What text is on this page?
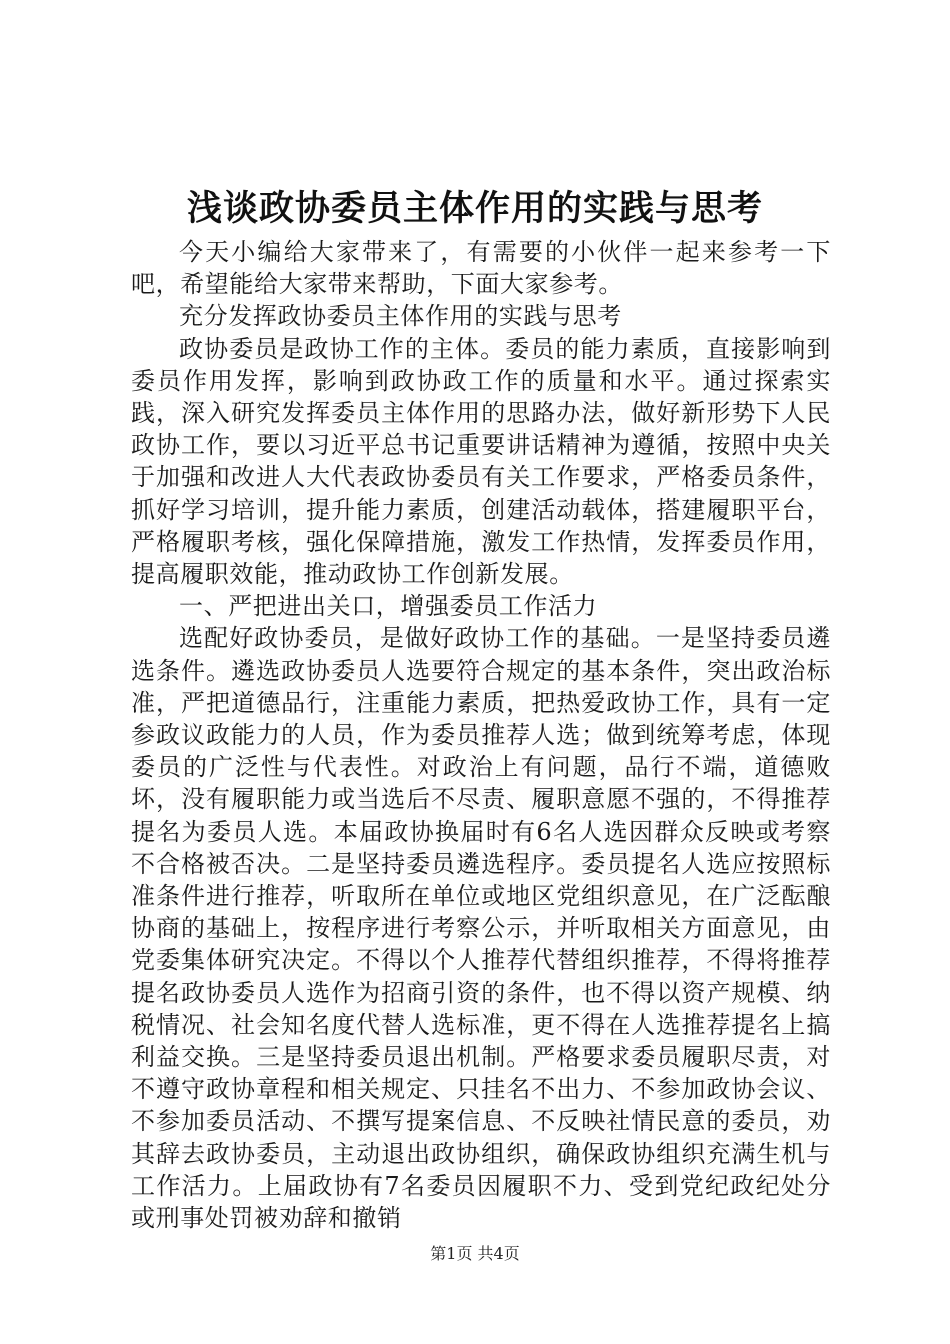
浅谈政协委员主体作用的实践与思考

今天小编给大家带来了，有需要的小伙伴一起来参考一下吧，希望能给大家带来帮助，下面大家参考。

充分发挥政协委员主体作用的实践与思考

政协委员是政协工作的主体。委员的能力素质，直接影响到委员作用发挥，影响到政协政工作的质量和水平。通过探索实践，深入研究发挥委员主体作用的思路办法，做好新形势下人民政协工作，要以习近平总书记重要讲话精神为遵循，按照中央关于加强和改进人大代表政协委员有关工作要求，严格委员条件，抓好学习培训，提升能力素质，创建活动载体，搭建履职平台，严格履职考核，强化保障措施，激发工作热情，发挥委员作用，提高履职效能，推动政协工作创新发展。

一、严把进出关口，增强委员工作活力

选配好政协委员，是做好政协工作的基础。一是坚持委员遴选条件。遴选政协委员人选要符合规定的基本条件，突出政治标准，严把道德品行，注重能力素质，把热爱政协工作，具有一定参政议政能力的人员，作为委员推荐人选；做到统筹考虑，体现委员的广泛性与代表性。对政治上有问题，品行不端，道德败坏，没有履职能力或当选后不尽责、履职意愿不强的，不得推荐提名为委员人选。本届政协换届时有6名人选因群众反映或考察不合格被否决。二是坚持委员遴选程序。委员提名人选应按照标准条件进行推荐，听取所在单位或地区党组织意见，在广泛酝酿协商的基础上，按程序进行考察公示，并听取相关方面意见，由党委集体研究决定。不得以个人推荐代替组织推荐，不得将推荐提名政协委员人选作为招商引资的条件，也不得以资产规模、纳税情况、社会知名度代替人选标准，更不得在人选推荐提名上搞利益交换。三是坚持委员退出机制。严格要求委员履职尽责，对不遵守政协章程和相关规定、只挂名不出力、不参加政协会议、不参加委员活动、不撰写提案信息、不反映社情民意的委员，劝其辞去政协委员，主动退出政协组织，确保政协组织充满生机与工作活力。上届政协有7名委员因履职不力、受到党纪政纪处分或刑事处罚被劝辞和撤销

第1页 共4页
